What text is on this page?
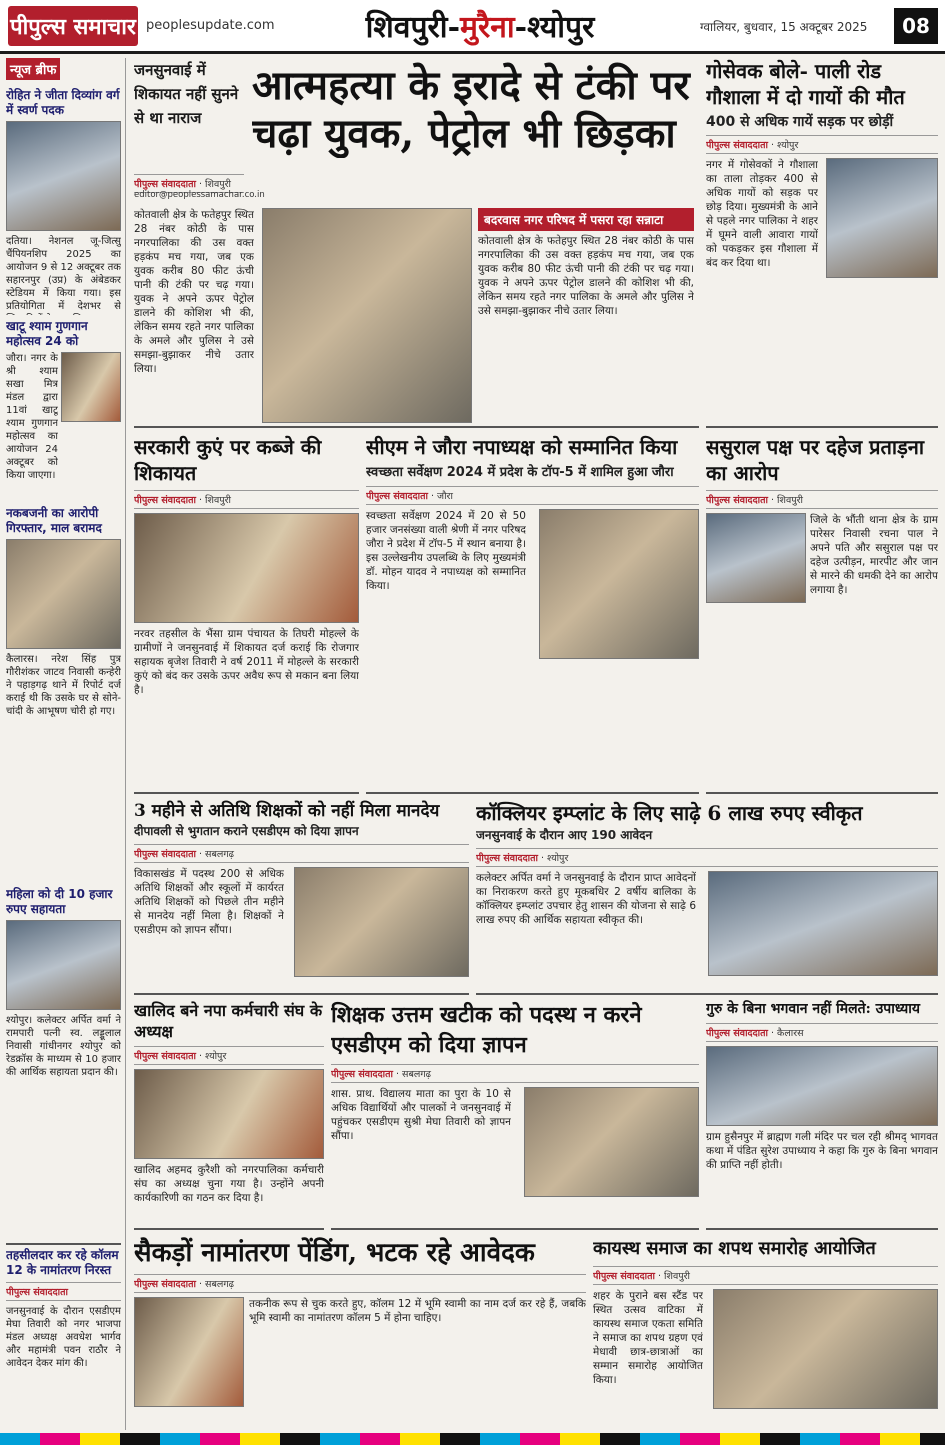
पीपुल्स समाचार peoplesupdate.com	शिवपुरी-मुरैना-श्योपुर	ग्वालियर, बुधवार, 15 अक्टूबर 2025	08
न्यूज ब्रीफ
रोहित ने जीता दिव्यांग वर्ग में स्वर्ण पदक
दतिया। नेशनल जू-जित्सु चैंपियनशिप 2025 का आयोजन 9 से 12 अक्टूबर तक सहारनपुर (उप्र) के अंबेडकर स्टेडियम में किया गया। इस प्रतियोगिता में देशभर से
खाटू श्याम गुणगान महोत्सव 24 को
जौरा। नगर के श्री श्याम सखा मित्र मंडल द्वारा 11वां खाटू श्याम गुणगान महोत्सव का आयोजन 24 अक्टूबर को किया जाएगा।
नकबजनी का आरोपी गिरफ्तार, माल बरामद
कैलारस। नरेश सिंह पुत्र गौरीशंकर जाटव निवासी कन्हेरी ने पहाड़गढ़ थाने में रिपोर्ट दर्ज कराई थी कि उसके घर से सोने-चांदी के आभूषण चोरी हो गए।
महिला को दी 10 हजार रुपए सहायता
श्योपुर। कलेक्टर अर्पित वर्मा ने रामपारी पत्नी स्व. लड्डूलाल निवासी गांधीनगर श्योपुर को रेडक्रॉस के माध्यम से 10 हजार की आर्थिक सहायता प्रदान की।
तहसीलदार कर रहे कॉलम 12 के नामांतरण निरस्त
पीपुल्स संवाददाता
जनसुनवाई के दौरान एसडीएम मेघा तिवारी को नगर भाजपा मंडल अध्यक्ष अवधेश भार्गव और महामंत्री पवन राठौर ने आवेदन देकर मांग की।
जनसुनवाई में शिकायत नहीं सुनने से था नाराज
आत्महत्या के इरादे से टंकी पर चढ़ा युवक, पेट्रोल भी छिड़का
पीपुल्स संवाददाता · शिवपुरी
editor@peoplessamachar.co.in
कोतवाली क्षेत्र के फतेहपुर स्थित 28 नंबर कोठी के पास नगरपालिका की उस वक्त हड़कंप मच गया, जब एक युवक करीब 80 फीट ऊंची पानी की टंकी पर चढ़ गया। युवक ने अपने ऊपर पेट्रोल डालने की कोशिश भी की, लेकिन समय रहते नगर पालिका के अमले और पुलिस ने उसे समझा-बुझाकर नीचे उतार लिया।
बदरवास नगर परिषद में पसरा रहा सन्नाटा
कोतवाली क्षेत्र के फतेहपुर स्थित 28 नंबर कोठी के पास नगरपालिका की उस वक्त हड़कंप मच गया, जब एक युवक करीब 80 फीट ऊंची पानी की टंकी पर चढ़ गया। युवक ने अपने ऊपर पेट्रोल डालने की कोशिश भी की, लेकिन समय रहते नगर पालिका के अमले और पुलिस ने उसे समझा-बुझाकर नीचे उतार लिया।
गोसेवक बोले- पाली रोड गौशाला में दो गायों की मौत
400 से अधिक गायें सड़क पर छोड़ीं
पीपुल्स संवाददाता · श्योपुर
नगर में गोसेवकों ने गौशाला का ताला तोड़कर 400 से अधिक गायों को सड़क पर छोड़ दिया। मुख्यमंत्री के आने से पहले नगर पालिका ने शहर में घूमने वाली आवारा गायों को पकड़कर इस गौशाला में बंद कर दिया था।
सरकारी कुएं पर कब्जे की शिकायत
पीपुल्स संवाददाता · शिवपुरी
नरवर तहसील के भैंसा ग्राम पंचायत के तिघरी मोहल्ले के ग्रामीणों ने जनसुनवाई में शिकायत दर्ज कराई कि रोजगार सहायक बृजेश तिवारी ने वर्ष 2011 में मोहल्ले के सरकारी कुएं को बंद कर उसके ऊपर अवैध रूप से मकान बना लिया है।
सीएम ने जौरा नपाध्यक्ष को सम्मानित किया
स्वच्छता सर्वेक्षण 2024 में प्रदेश के टॉप-5 में शामिल हुआ जौरा
पीपुल्स संवाददाता · जौरा
स्वच्छता सर्वेक्षण 2024 में 20 से 50 हजार जनसंख्या वाली श्रेणी में नगर परिषद जौरा ने प्रदेश में टॉप-5 में स्थान बनाया है। इस उल्लेखनीय उपलब्धि के लिए मुख्यमंत्री डॉ. मोहन यादव ने नपाध्यक्ष को सम्मानित किया।
ससुराल पक्ष पर दहेज प्रताड़ना का आरोप
पीपुल्स संवाददाता · शिवपुरी
जिले के भौंती थाना क्षेत्र के ग्राम पारेसर निवासी रचना पाल ने अपने पति और ससुराल पक्ष पर दहेज उत्पीड़न, मारपीट और जान से मारने की धमकी देने का आरोप लगाया है।
3 महीने से अतिथि शिक्षकों को नहीं मिला मानदेय
दीपावली से भुगतान कराने एसडीएम को दिया ज्ञापन
पीपुल्स संवाददाता · सबलगढ़
विकासखंड में पदस्थ 200 से अधिक अतिथि शिक्षकों और स्कूलों में कार्यरत अतिथि शिक्षकों को पिछले तीन महीने से मानदेय नहीं मिला है। शिक्षकों ने एसडीएम को ज्ञापन सौंपा।
कॉक्लियर इम्प्लांट के लिए साढ़े 6 लाख रुपए स्वीकृत
जनसुनवाई के दौरान आए 190 आवेदन
पीपुल्स संवाददाता · श्योपुर
कलेक्टर अर्पित वर्मा ने जनसुनवाई के दौरान प्राप्त आवेदनों का निराकरण करते हुए मूकबधिर 2 वर्षीय बालिका के कॉक्लियर इम्प्लांट उपचार हेतु शासन की योजना से साढ़े 6 लाख रुपए की आर्थिक सहायता स्वीकृत की।
खालिद बने नपा कर्मचारी संघ के अध्यक्ष
पीपुल्स संवाददाता · श्योपुर
खालिद अहमद कुरैशी को नगरपालिका कर्मचारी संघ का अध्यक्ष चुना गया है। उन्होंने अपनी कार्यकारिणी का गठन कर दिया है।
शिक्षक उत्तम खटीक को पदस्थ न करने एसडीएम को दिया ज्ञापन
पीपुल्स संवाददाता · सबलगढ़
शास. प्राथ. विद्यालय माता का पुरा के 10 से अधिक विद्यार्थियों और पालकों ने जनसुनवाई में पहुंचकर एसडीएम सुश्री मेघा तिवारी को ज्ञापन सौंपा।
गुरु के बिना भगवान नहीं मिलते: उपाध्याय
पीपुल्स संवाददाता · कैलारस
ग्राम हुसैनपुर में ब्राह्मण गली मंदिर पर चल रही श्रीमद् भागवत कथा में पंडित सुरेश उपाध्याय ने कहा कि गुरु के बिना भगवान की प्राप्ति नहीं होती।
सैकड़ों नामांतरण पेंडिंग, भटक रहे आवेदक
पीपुल्स संवाददाता · सबलगढ़
तकनीक रूप से चुक करते हुए, कॉलम 12 में भूमि स्वामी का नाम दर्ज कर रहे हैं, जबकि भूमि स्वामी का नामांतरण कॉलम 5 में होना चाहिए।
कायस्थ समाज का शपथ समारोह आयोजित
पीपुल्स संवाददाता · शिवपुरी
शहर के पुराने बस स्टैंड पर स्थित उत्सव वाटिका में कायस्थ समाज एकता समिति ने समाज का शपथ ग्रहण एवं मेधावी छात्र-छात्राओं का सम्मान समारोह आयोजित किया।
